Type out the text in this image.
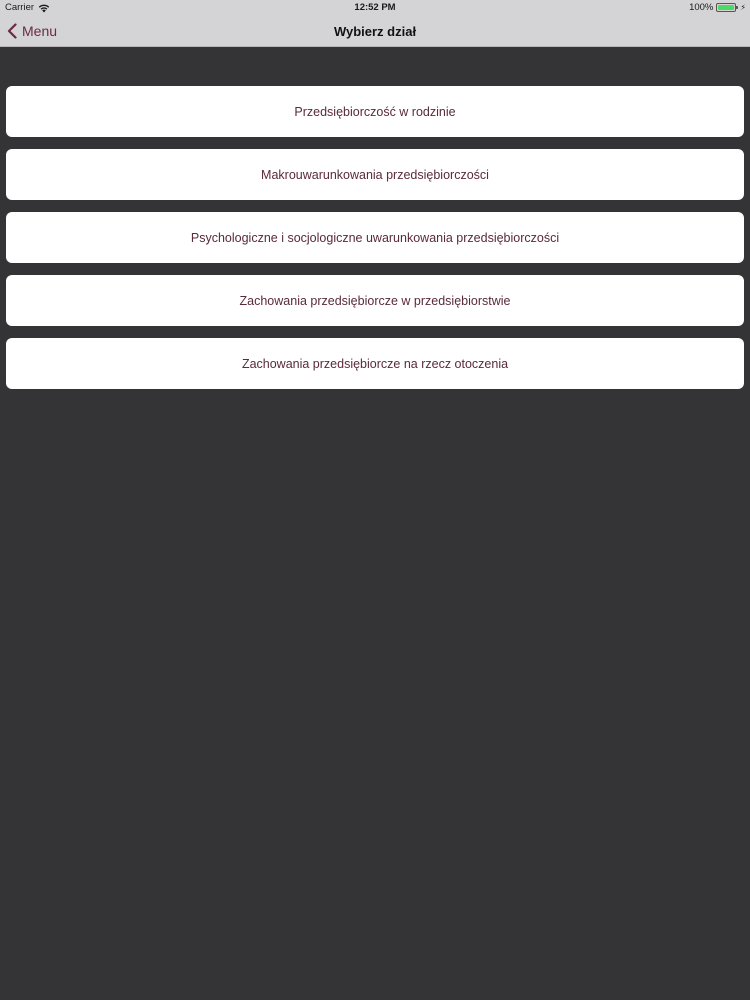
Carrier	12:52 PM	100%	⚡
Menu	Wybierz dział
Przedsiębiorczość w rodzinie
Makrouwarunkowania przedsiębiorczości
Psychologiczne i socjologiczne uwarunkowania przedsiębiorczości
Zachowania przedsiębiorcze w przedsiębiorstwie
Zachowania przedsiębiorcze na rzecz otoczenia
